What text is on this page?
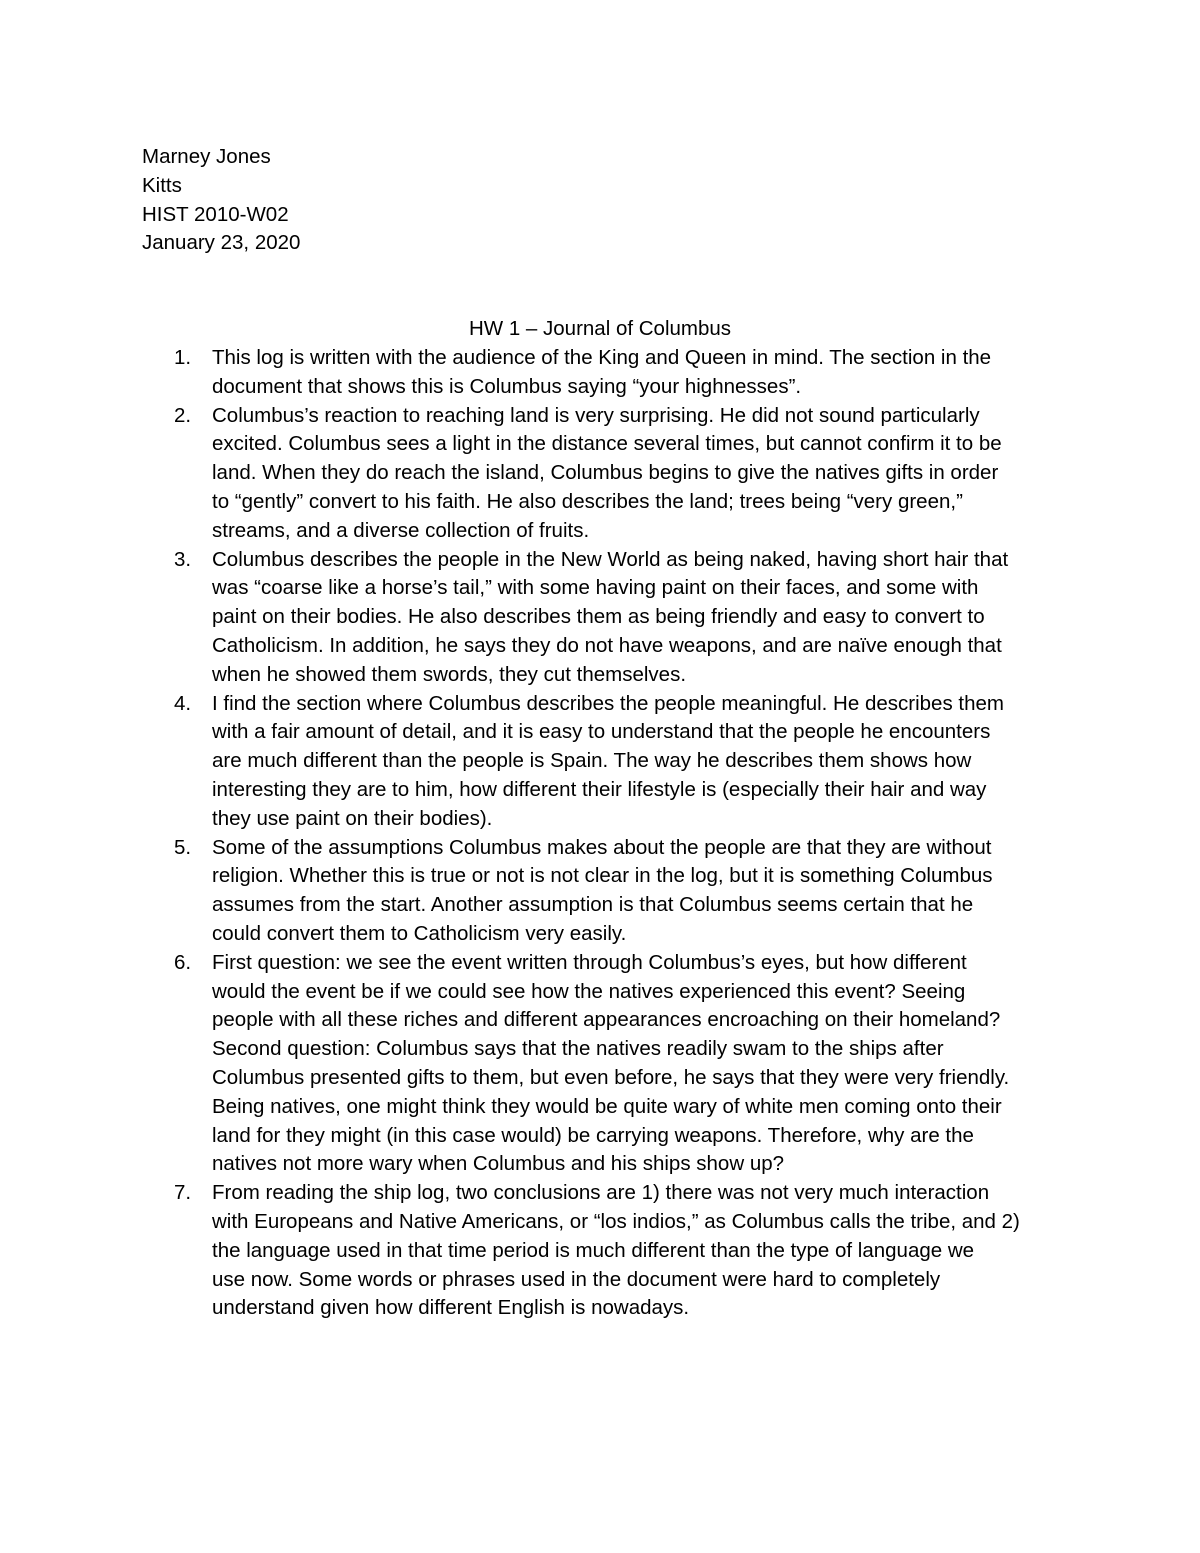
Marney Jones
Kitts
HIST 2010-W02
January 23, 2020
HW 1 – Journal of Columbus
1.	This log is written with the audience of the King and Queen in mind. The section in the
document that shows this is Columbus saying “your highnesses”.
2.	Columbus’s reaction to reaching land is very surprising. He did not sound particularly
excited. Columbus sees a light in the distance several times, but cannot confirm it to be
land. When they do reach the island, Columbus begins to give the natives gifts in order
to “gently” convert to his faith. He also describes the land; trees being “very green,”
streams, and a diverse collection of fruits.
3.	Columbus describes the people in the New World as being naked, having short hair that
was “coarse like a horse’s tail,” with some having paint on their faces, and some with
paint on their bodies. He also describes them as being friendly and easy to convert to
Catholicism. In addition, he says they do not have weapons, and are naïve enough that
when he showed them swords, they cut themselves.
4.	I find the section where Columbus describes the people meaningful. He describes them
with a fair amount of detail, and it is easy to understand that the people he encounters
are much different than the people is Spain. The way he describes them shows how
interesting they are to him, how different their lifestyle is (especially their hair and way
they use paint on their bodies).
5.	Some of the assumptions Columbus makes about the people are that they are without
religion. Whether this is true or not is not clear in the log, but it is something Columbus
assumes from the start. Another assumption is that Columbus seems certain that he
could convert them to Catholicism very easily.
6.	First question: we see the event written through Columbus’s eyes, but how different
would the event be if we could see how the natives experienced this event? Seeing
people with all these riches and different appearances encroaching on their homeland?
Second question: Columbus says that the natives readily swam to the ships after
Columbus presented gifts to them, but even before, he says that they were very friendly.
Being natives, one might think they would be quite wary of white men coming onto their
land for they might (in this case would) be carrying weapons. Therefore, why are the
natives not more wary when Columbus and his ships show up?
7.	From reading the ship log, two conclusions are 1) there was not very much interaction
with Europeans and Native Americans, or “los indios,” as Columbus calls the tribe, and 2)
the language used in that time period is much different than the type of language we
use now. Some words or phrases used in the document were hard to completely
understand given how different English is nowadays.
